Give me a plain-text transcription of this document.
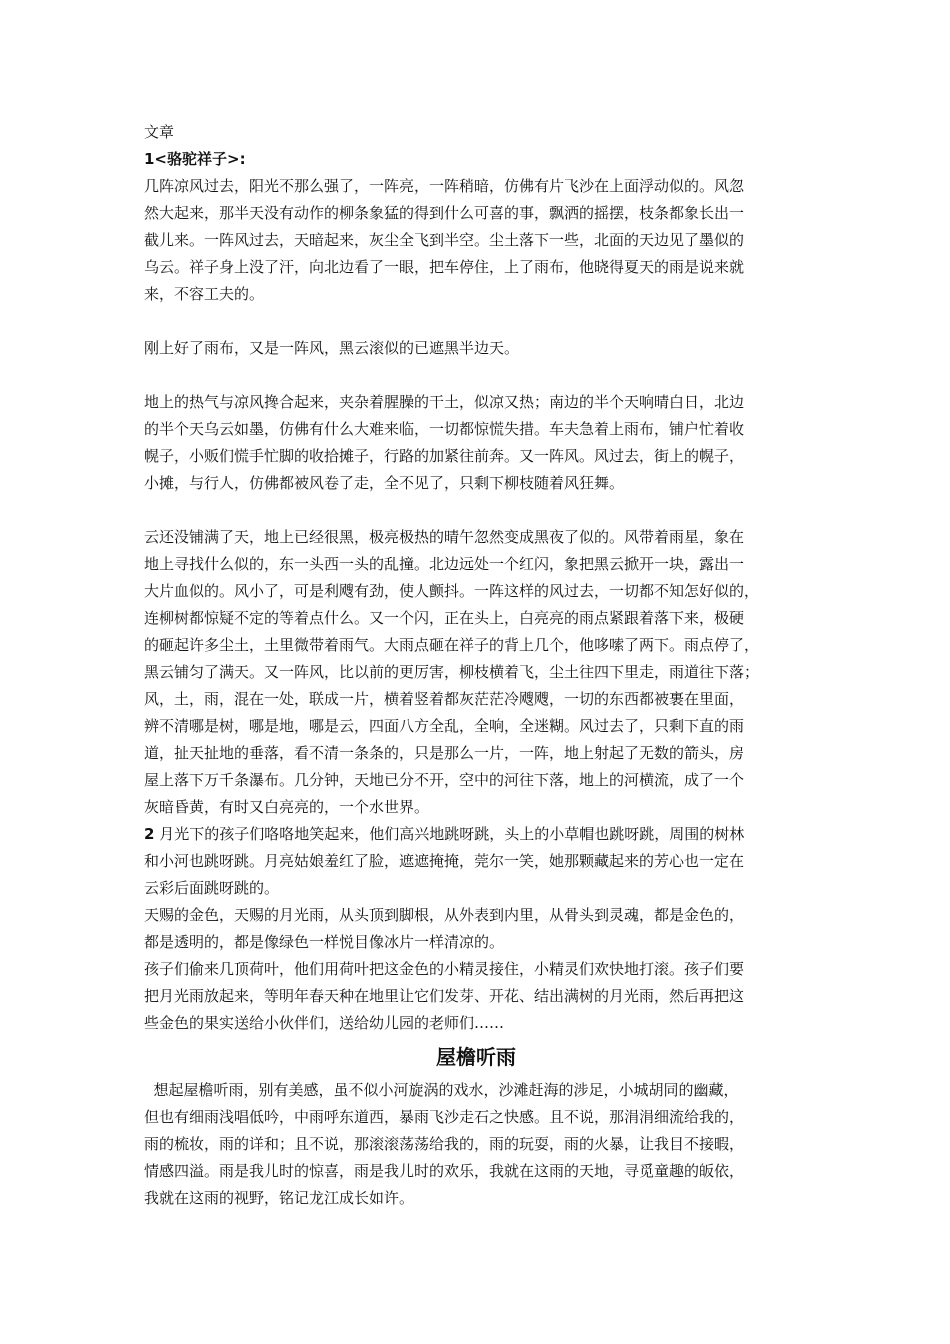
文章

1<骆驼祥子>:

几阵凉风过去，阳光不那么强了，一阵亮，一阵稍暗，仿佛有片飞沙在上面浮动似的。风忽

然大起来，那半天没有动作的柳条象猛的得到什么可喜的事，飘洒的摇摆，枝条都象长出一

截儿来。一阵风过去，天暗起来，灰尘全飞到半空。尘土落下一些，北面的天边见了墨似的

乌云。祥子身上没了汗，向北边看了一眼，把车停住，上了雨布，他晓得夏天的雨是说来就

来，不容工夫的。

刚上好了雨布，又是一阵风，黑云滚似的已遮黑半边天。

地上的热气与凉风搀合起来，夹杂着腥臊的干土，似凉又热；南边的半个天响晴白日，北边

的半个天乌云如墨，仿佛有什么大难来临，一切都惊慌失措。车夫急着上雨布，铺户忙着收

幌子，小贩们慌手忙脚的收拾摊子，行路的加紧往前奔。又一阵风。风过去，街上的幌子，

小摊，与行人，仿佛都被风卷了走，全不见了，只剩下柳枝随着风狂舞。

云还没铺满了天，地上已经很黑，极亮极热的晴午忽然变成黑夜了似的。风带着雨星，象在

地上寻找什么似的，东一头西一头的乱撞。北边远处一个红闪，象把黑云掀开一块，露出一

大片血似的。风小了，可是利飕有劲，使人颤抖。一阵这样的风过去，一切都不知怎好似的，

连柳树都惊疑不定的等着点什么。又一个闪，正在头上，白亮亮的雨点紧跟着落下来，极硬

的砸起许多尘土，土里微带着雨气。大雨点砸在祥子的背上几个，他哆嗦了两下。雨点停了，

黑云铺匀了满天。又一阵风，比以前的更厉害，柳枝横着飞，尘土往四下里走，雨道往下落；

风，土，雨，混在一处，联成一片，横着竖着都灰茫茫冷飕飕，一切的东西都被裹在里面，

辨不清哪是树，哪是地，哪是云，四面八方全乱，全响，全迷糊。风过去了，只剩下直的雨

道，扯天扯地的垂落，看不清一条条的，只是那么一片，一阵，地上射起了无数的箭头，房

屋上落下万千条瀑布。几分钟，天地已分不开，空中的河往下落，地上的河横流，成了一个

灰暗昏黄，有时又白亮亮的，一个水世界。

2 月光下的孩子们咯咯地笑起来，他们高兴地跳呀跳，头上的小草帽也跳呀跳，周围的树林

和小河也跳呀跳。月亮姑娘羞红了脸，遮遮掩掩，莞尔一笑，她那颗藏起来的芳心也一定在

云彩后面跳呀跳的。

天赐的金色，天赐的月光雨，从头顶到脚根，从外表到内里，从骨头到灵魂，都是金色的，

都是透明的，都是像绿色一样悦目像冰片一样清凉的。

孩子们偷来几顶荷叶，他们用荷叶把这金色的小精灵接住，小精灵们欢快地打滚。孩子们要

把月光雨放起来，等明年春天种在地里让它们发芽、开花、结出满树的月光雨，然后再把这

些金色的果实送给小伙伴们，送给幼儿园的老师们……

屋檐听雨

想起屋檐听雨，别有美感，虽不似小河旋涡的戏水，沙滩赶海的涉足，小城胡同的幽藏，

但也有细雨浅唱低吟，中雨呼东道西，暴雨飞沙走石之快感。且不说，那涓涓细流给我的，

雨的梳妆，雨的详和；且不说，那滚滚荡荡给我的，雨的玩耍，雨的火暴，让我目不接暇，

情感四溢。雨是我儿时的惊喜，雨是我儿时的欢乐，我就在这雨的天地，寻觅童趣的皈依，

我就在这雨的视野，铭记龙江成长如许。
